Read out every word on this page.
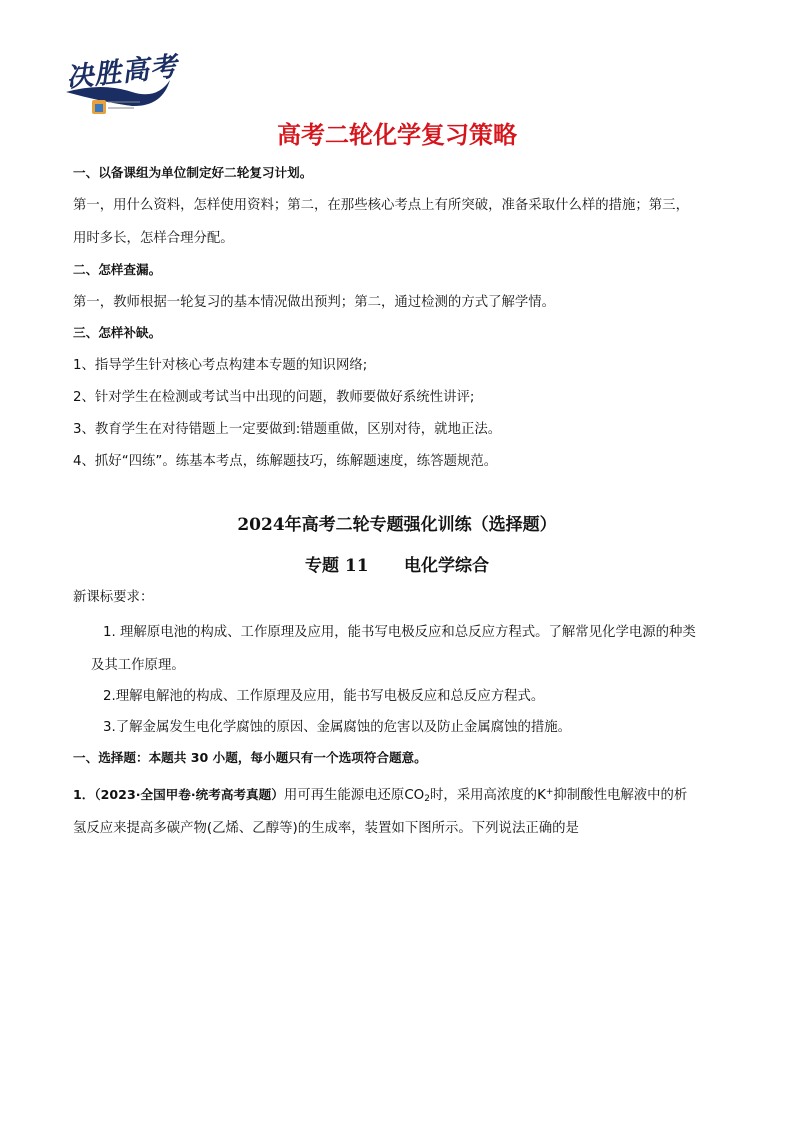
决胜高考
高考二轮化学复习策略
一、以备课组为单位制定好二轮复习计划。
第一，用什么资料，怎样使用资料；第二，在那些核心考点上有所突破，准备采取什么样的措施；第三，
用时多长，怎样合理分配。
二、怎样查漏。
第一，教师根据一轮复习的基本情况做出预判；第二，通过检测的方式了解学情。
三、怎样补缺。
1、指导学生针对核心考点构建本专题的知识网络;
2、针对学生在检测或考试当中出现的问题，教师要做好系统性讲评;
3、教育学生在对待错题上一定要做到:错题重做，区别对待，就地正法。
4、抓好“四练”。练基本考点，练解题技巧，练解题速度，练答题规范。
2024年高考二轮专题强化训练（选择题）
专题 11      电化学综合
新课标要求：
1. 理解原电池的构成、工作原理及应用，能书写电极反应和总反应方程式。了解常见化学电源的种类
及其工作原理。
2.理解电解池的构成、工作原理及应用，能书写电极反应和总反应方程式。
3.了解金属发生电化学腐蚀的原因、金属腐蚀的危害以及防止金属腐蚀的措施。
一、选择题：本题共 30 小题，每小题只有一个选项符合题意。
1．（2023·全国甲卷·统考高考真题）用可再生能源电还原$CO_2$时，采用高浓度的K+抑制酸性电解液中的析
氢反应来提高多碳产物(乙烯、乙醇等)的生成率，装置如下图所示。下列说法正确的是
